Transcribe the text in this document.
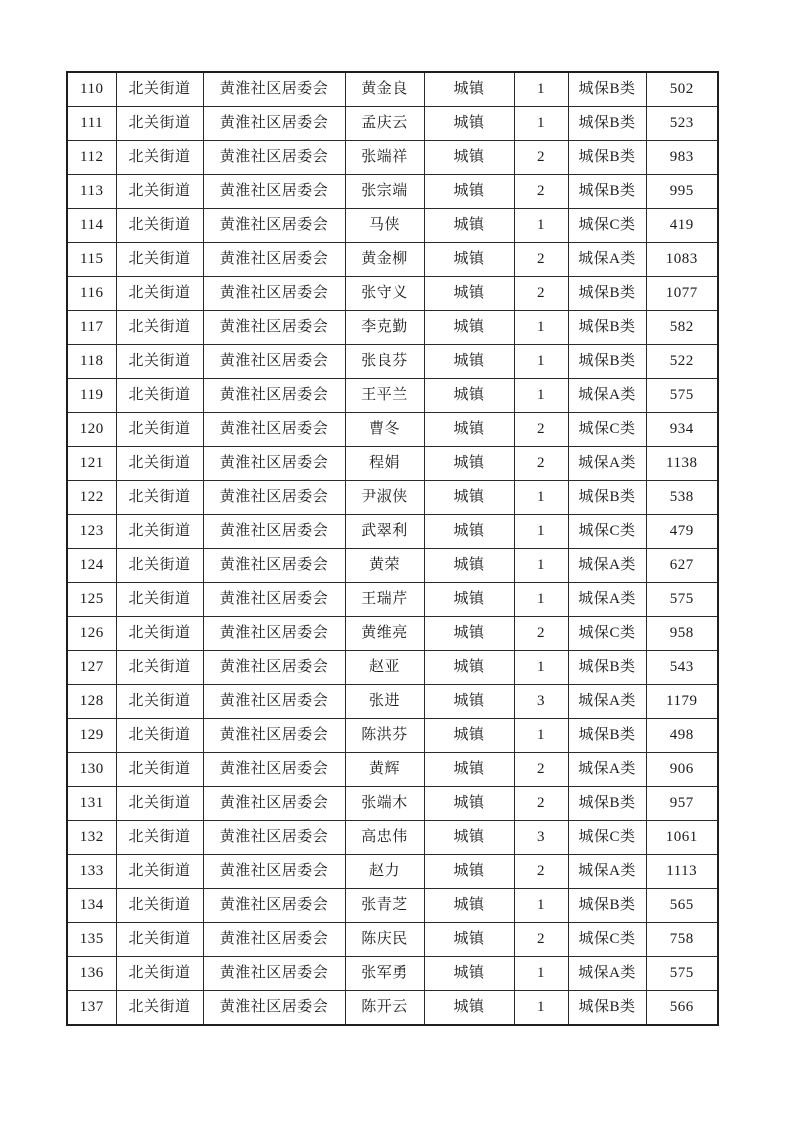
110	北关街道	黄淮社区居委会	黄金良	城镇	1	城保B类	502
111	北关街道	黄淮社区居委会	孟庆云	城镇	1	城保B类	523
112	北关街道	黄淮社区居委会	张端祥	城镇	2	城保B类	983
113	北关街道	黄淮社区居委会	张宗端	城镇	2	城保B类	995
114	北关街道	黄淮社区居委会	马侠	城镇	1	城保C类	419
115	北关街道	黄淮社区居委会	黄金柳	城镇	2	城保A类	1083
116	北关街道	黄淮社区居委会	张守义	城镇	2	城保B类	1077
117	北关街道	黄淮社区居委会	李克勤	城镇	1	城保B类	582
118	北关街道	黄淮社区居委会	张良芬	城镇	1	城保B类	522
119	北关街道	黄淮社区居委会	王平兰	城镇	1	城保A类	575
120	北关街道	黄淮社区居委会	曹冬	城镇	2	城保C类	934
121	北关街道	黄淮社区居委会	程娟	城镇	2	城保A类	1138
122	北关街道	黄淮社区居委会	尹淑侠	城镇	1	城保B类	538
123	北关街道	黄淮社区居委会	武翠利	城镇	1	城保C类	479
124	北关街道	黄淮社区居委会	黄荣	城镇	1	城保A类	627
125	北关街道	黄淮社区居委会	王瑞芹	城镇	1	城保A类	575
126	北关街道	黄淮社区居委会	黄维亮	城镇	2	城保C类	958
127	北关街道	黄淮社区居委会	赵亚	城镇	1	城保B类	543
128	北关街道	黄淮社区居委会	张进	城镇	3	城保A类	1179
129	北关街道	黄淮社区居委会	陈洪芬	城镇	1	城保B类	498
130	北关街道	黄淮社区居委会	黄辉	城镇	2	城保A类	906
131	北关街道	黄淮社区居委会	张端木	城镇	2	城保B类	957
132	北关街道	黄淮社区居委会	高忠伟	城镇	3	城保C类	1061
133	北关街道	黄淮社区居委会	赵力	城镇	2	城保A类	1113
134	北关街道	黄淮社区居委会	张青芝	城镇	1	城保B类	565
135	北关街道	黄淮社区居委会	陈庆民	城镇	2	城保C类	758
136	北关街道	黄淮社区居委会	张军勇	城镇	1	城保A类	575
137	北关街道	黄淮社区居委会	陈开云	城镇	1	城保B类	566
